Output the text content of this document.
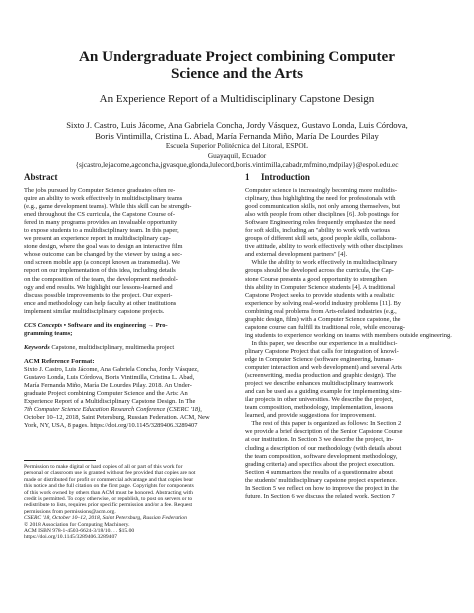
An Undergraduate Project combining Computer
Science and the Arts
An Experience Report of a Multidisciplinary Capstone Design
Sixto J. Castro, Luis Jácome, Ana Gabriela Concha, Jordy Vásquez, Gustavo Londa, Luis Córdova,
Boris Vintimilla, Cristina L. Abad, María Fernanda Miño, María De Lourdes Pilay
Escuela Superior Politécnica del Litoral, ESPOL
Guayaquil, Ecuador
{sjcastro,lejacome,agconcha,jgvasque,glonda,lulecord,boris.vintimilla,cabadr,mfmino,mdpilay}@espol.edu.ec
Abstract
The jobs pursued by Computer Science graduates often re-
quire an ability to work effectively in multidisciplinary teams
(e.g., game development teams). While this skill can be strength-
ened throughout the CS curricula, the Capstone Course of-
fered in many programs provides an invaluable opportunity
to expose students to a multidisciplinary team. In this paper,
we present an experience report in multidisciplinary cap-
stone design, where the goal was to design an interactive film
whose outcome can be changed by the viewer by using a sec-
ond screen mobile app (a concept known as transmedia). We
report on our implementation of this idea, including details
on the composition of the team, the development methodol-
ogy and end results. We highlight our lessons-learned and
discuss possible improvements to the project. Our experi-
ence and methodology can help faculty at other institutions
implement similar multidisciplinary capstone projects.
CCS Concepts • Software and its engineering → Pro-
gramming teams;
Keywords Capstone, multidisciplinary, multimedia project
ACM Reference Format:
Sixto J. Castro, Luis Jácome, Ana Gabriela Concha, Jordy Vásquez,
Gustavo Londa, Luis Córdova, Boris Vintimilla, Cristina L. Abad,
María Fernanda Miño, María De Lourdes Pilay. 2018. An Under-
graduate Project combining Computer Science and the Arts: An
Experience Report of a Multidisciplinary Capstone Design. In The
7th Computer Science Education Research Conference (CSERC '18),
October 10–12, 2018, Saint Petersburg, Russian Federation. ACM, New
York, NY, USA, 8 pages. https://doi.org/10.1145/3289406.3289407
Permission to make digital or hard copies of all or part of this work for
personal or classroom use is granted without fee provided that copies are not
made or distributed for profit or commercial advantage and that copies bear
this notice and the full citation on the first page. Copyrights for components
of this work owned by others than ACM must be honored. Abstracting with
credit is permitted. To copy otherwise, or republish, to post on servers or to
redistribute to lists, requires prior specific permission and/or a fee. Request
permissions from permissions@acm.org.
CSERC '18, October 10–12, 2018, Saint Petersburg, Russian Federation
© 2018 Association for Computing Machinery.
ACM ISBN 978-1-4503-6624-3/18/10. . . $15.00
https://doi.org/10.1145/3289406.3289407
1 Introduction
Computer science is increasingly becoming more multidis-
ciplinary, thus highlighting the need for professionals with
good communication skills, not only among themselves, but
also with people from other disciplines [6]. Job postings for
Software Engineering roles frequently emphasize the need
for soft skills, including an "ability to work with various
groups of different skill sets, good people skills, collabora-
tive attitude, ability to work effectively with other disciplines
and external development partners" [4].
While the ability to work effectively in multidisciplinary
groups should be developed across the curricula, the Cap-
stone Course presents a good opportunity to strengthen
this ability in Computer Science students [4]. A traditional
Capstone Project seeks to provide students with a realistic
experience by solving real-world industry problems [11]. By
combining real problems from Arts-related industries (e.g.,
graphic design, film) with a Computer Science capstone, the
capstone course can fulfill its traditional role, while encourag-
ing students to experience working on teams with members outside engineering.
In this paper, we describe our experience in a multidisci-
plinary Capstone Project that calls for integration of knowl-
edge in Computer Science (software engineering, human-
computer interaction and web development) and several Arts
(screenwriting, media production and graphic design). The
project we describe enhances multidisciplinary teamwork
and can be used as a guiding example for implementing sim-
ilar projects in other universities. We describe the project,
team composition, methodology, implementation, lessons
learned, and provide suggestions for improvement.
The rest of this paper is organized as follows: In Section 2
we provide a brief description of the Senior Capstone Course
at our institution. In Section 3 we describe the project, in-
cluding a description of our methodology (with details about
the team composition, software development methodology,
grading criteria) and specifics about the project execution.
Section 4 summarizes the results of a questionnaire about
the students' multidisciplinary capstone project experience.
In Section 5 we reflect on how to improve the project in the
future. In Section 6 we discuss the related work. Section 7
